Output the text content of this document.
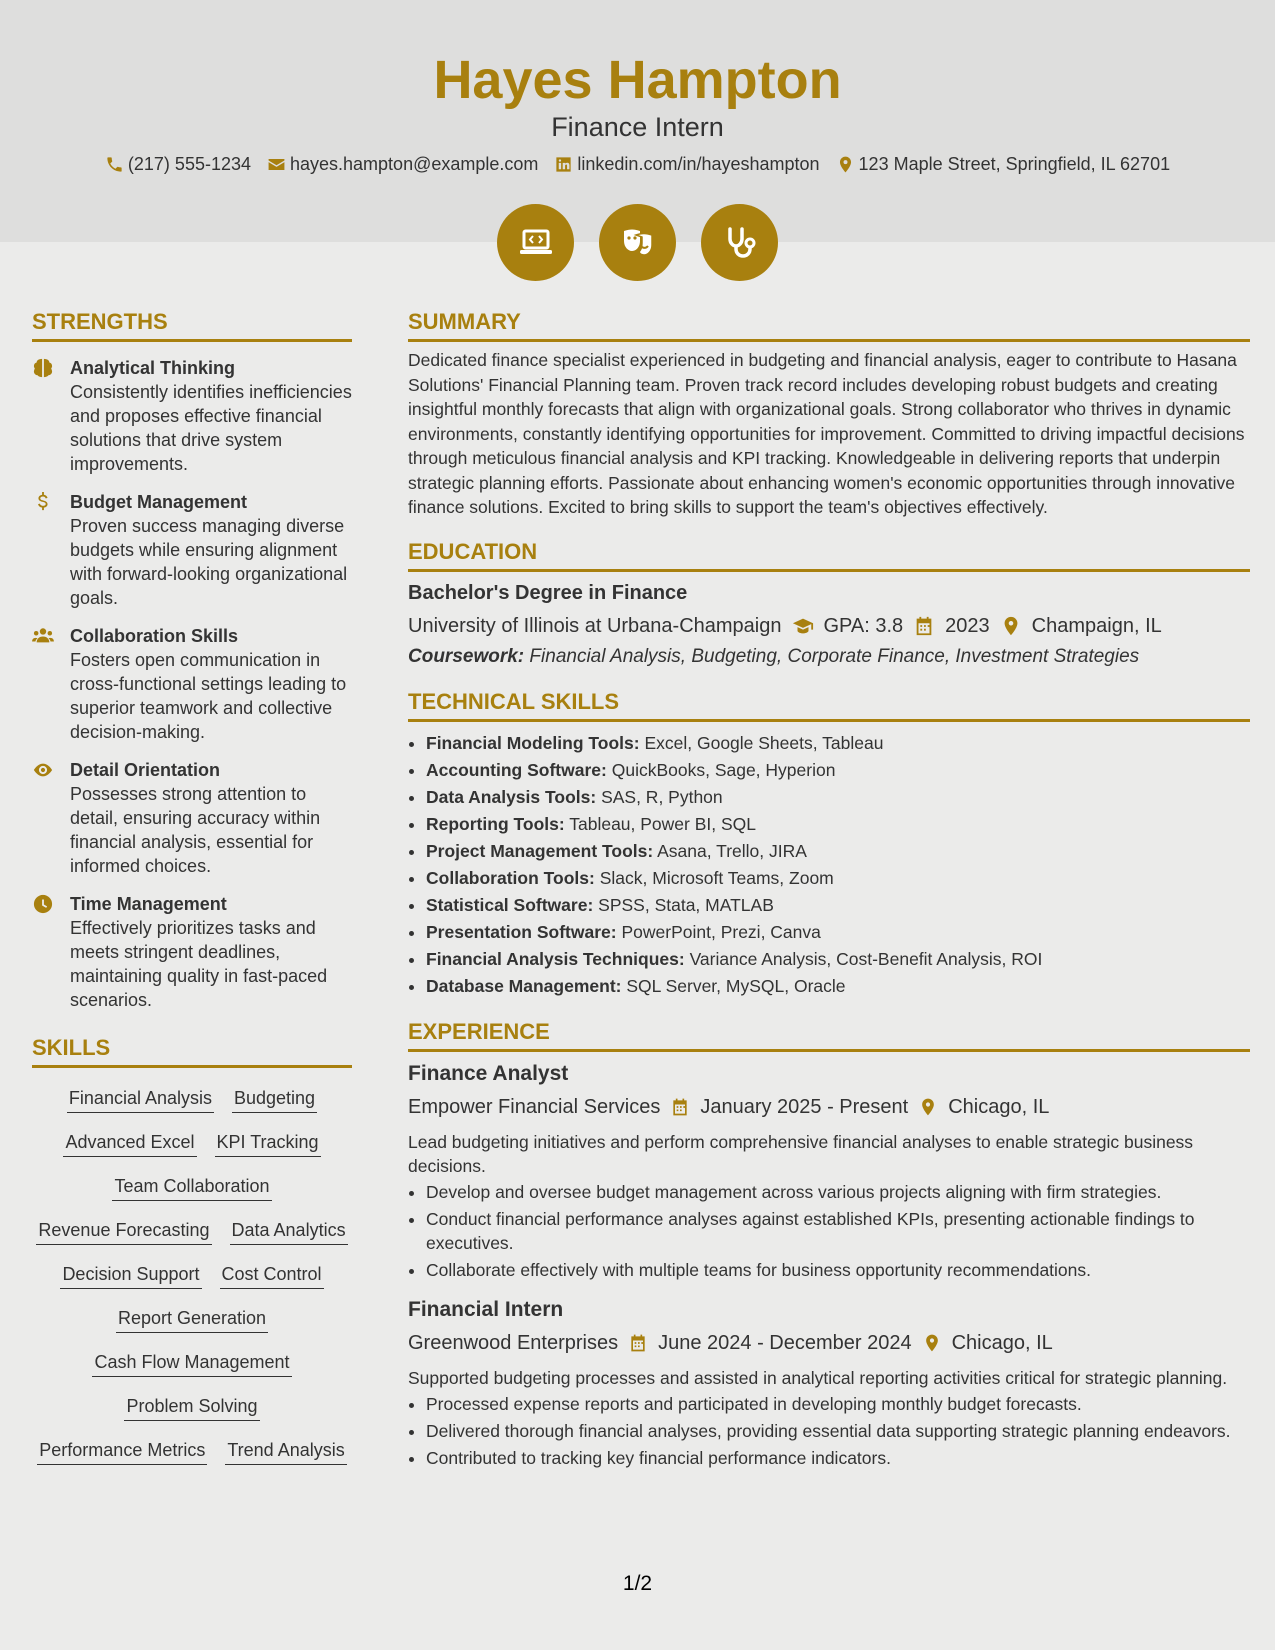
Hayes Hampton
Finance Intern
(217) 555-1234 hayes.hampton@example.com linkedin.com/in/hayeshampton 123 Maple Street, Springfield, IL 62701
STRENGTHS
Analytical Thinking
Consistently identifies inefficiencies and proposes effective financial solutions that drive system improvements.
Budget Management
Proven success managing diverse budgets while ensuring alignment with forward-looking organizational goals.
Collaboration Skills
Fosters open communication in cross-functional settings leading to superior teamwork and collective decision-making.
Detail Orientation
Possesses strong attention to detail, ensuring accuracy within financial analysis, essential for informed choices.
Time Management
Effectively prioritizes tasks and meets stringent deadlines, maintaining quality in fast-paced scenarios.
SKILLS
Financial Analysis Budgeting
Advanced Excel KPI Tracking
Team Collaboration
Revenue Forecasting Data Analytics
Decision Support Cost Control
Report Generation
Cash Flow Management
Problem Solving
Performance Metrics Trend Analysis
SUMMARY

Dedicated finance specialist experienced in budgeting and financial analysis, eager to contribute to Hasana Solutions' Financial Planning team. Proven track record includes developing robust budgets and creating insightful monthly forecasts that align with organizational goals. Strong collaborator who thrives in dynamic environments, constantly identifying opportunities for improvement. Committed to driving impactful decisions through meticulous financial analysis and KPI tracking. Knowledgeable in delivering reports that underpin strategic planning efforts. Passionate about enhancing women's economic opportunities through innovative finance solutions. Excited to bring skills to support the team's objectives effectively.

EDUCATION
Bachelor's Degree in Finance
University of Illinois at Urbana-Champaign GPA: 3.8 2023 Champaign, IL
Coursework: Financial Analysis, Budgeting, Corporate Finance, Investment Strategies
TECHNICAL SKILLS
• Financial Modeling Tools: Excel, Google Sheets, Tableau
• Accounting Software: QuickBooks, Sage, Hyperion
• Data Analysis Tools: SAS, R, Python
• Reporting Tools: Tableau, Power BI, SQL
• Project Management Tools: Asana, Trello, JIRA
• Collaboration Tools: Slack, Microsoft Teams, Zoom
• Statistical Software: SPSS, Stata, MATLAB
• Presentation Software: PowerPoint, Prezi, Canva
• Financial Analysis Techniques: Variance Analysis, Cost-Benefit Analysis, ROI
• Database Management: SQL Server, MySQL, Oracle
EXPERIENCE
Finance Analyst
Empower Financial Services January 2025 - Present Chicago, IL
Lead budgeting initiatives and perform comprehensive financial analyses to enable strategic business decisions.
• Develop and oversee budget management across various projects aligning with firm strategies.
• Conduct financial performance analyses against established KPIs, presenting actionable findings to executives.
• Collaborate effectively with multiple teams for business opportunity recommendations.
Financial Intern
Greenwood Enterprises June 2024 - December 2024 Chicago, IL
Supported budgeting processes and assisted in analytical reporting activities critical for strategic planning.
• Processed expense reports and participated in developing monthly budget forecasts.
• Delivered thorough financial analyses, providing essential data supporting strategic planning endeavors.
• Contributed to tracking key financial performance indicators.
1/2
